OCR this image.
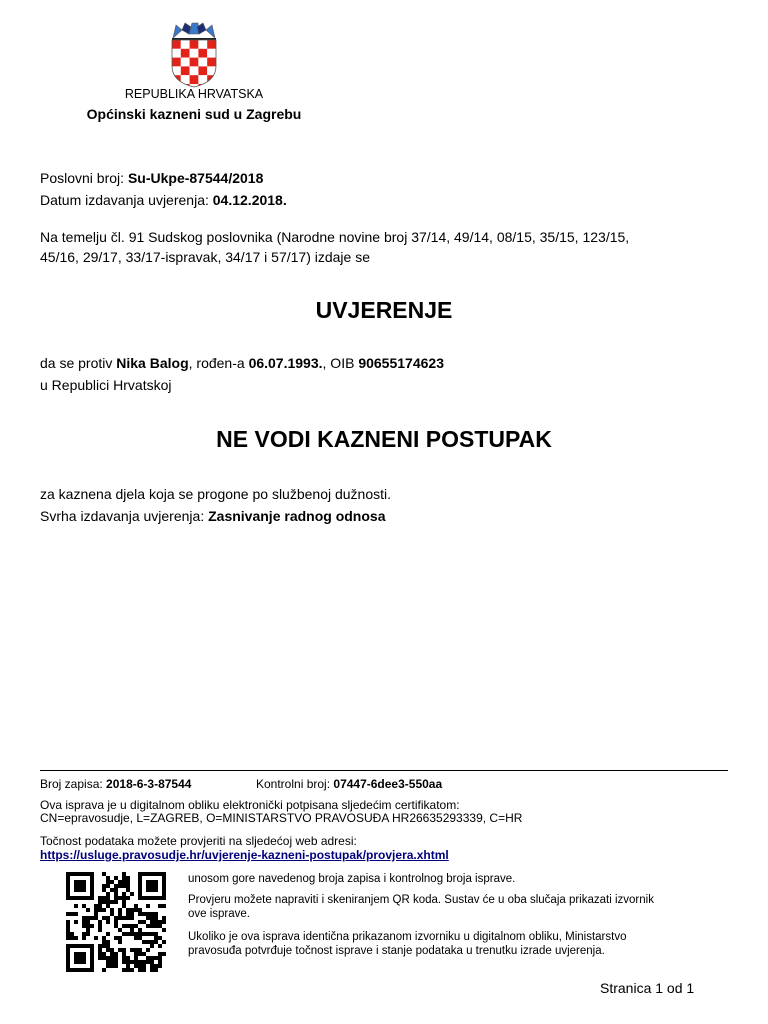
REPUBLIKA HRVATSKA
Općinski kazneni sud u Zagrebu
Poslovni broj: Su-Ukpe-87544/2018
Datum izdavanja uvjerenja: 04.12.2018.
Na temelju čl. 91 Sudskog poslovnika (Narodne novine broj 37/14, 49/14, 08/15, 35/15, 123/15,
45/16, 29/17, 33/17-ispravak, 34/17 i 57/17) izdaje se
UVJERENJE
da se protiv Nika Balog, rođen-a 06.07.1993., OIB 90655174623
u Republici Hrvatskoj
NE VODI KAZNENI POSTUPAK
za kaznena djela koja se progone po službenoj dužnosti.
Svrha izdavanja uvjerenja: Zasnivanje radnog odnosa
Broj zapisa: 2018-6-3-87544	Kontrolni broj: 07447-6dee3-550aa
Ova isprava je u digitalnom obliku elektronički potpisana sljedećim certifikatom:
CN=epravosudje, L=ZAGREB, O=MINISTARSTVO PRAVOSUĐA HR26635293339, C=HR
Točnost podataka možete provjeriti na sljedećoj web adresi:
https://usluge.pravosudje.hr/uvjerenje-kazneni-postupak/provjera.xhtml
unosom gore navedenog broja zapisa i kontrolnog broja isprave.
Provjeru možete napraviti i skeniranjem QR koda. Sustav će u oba slučaja prikazati izvornik
ove isprave.
Ukoliko je ova isprava identična prikazanom izvorniku u digitalnom obliku, Ministarstvo
pravosuđa potvrđuje točnost isprave i stanje podataka u trenutku izrade uvjerenja.
Stranica 1 od 1
